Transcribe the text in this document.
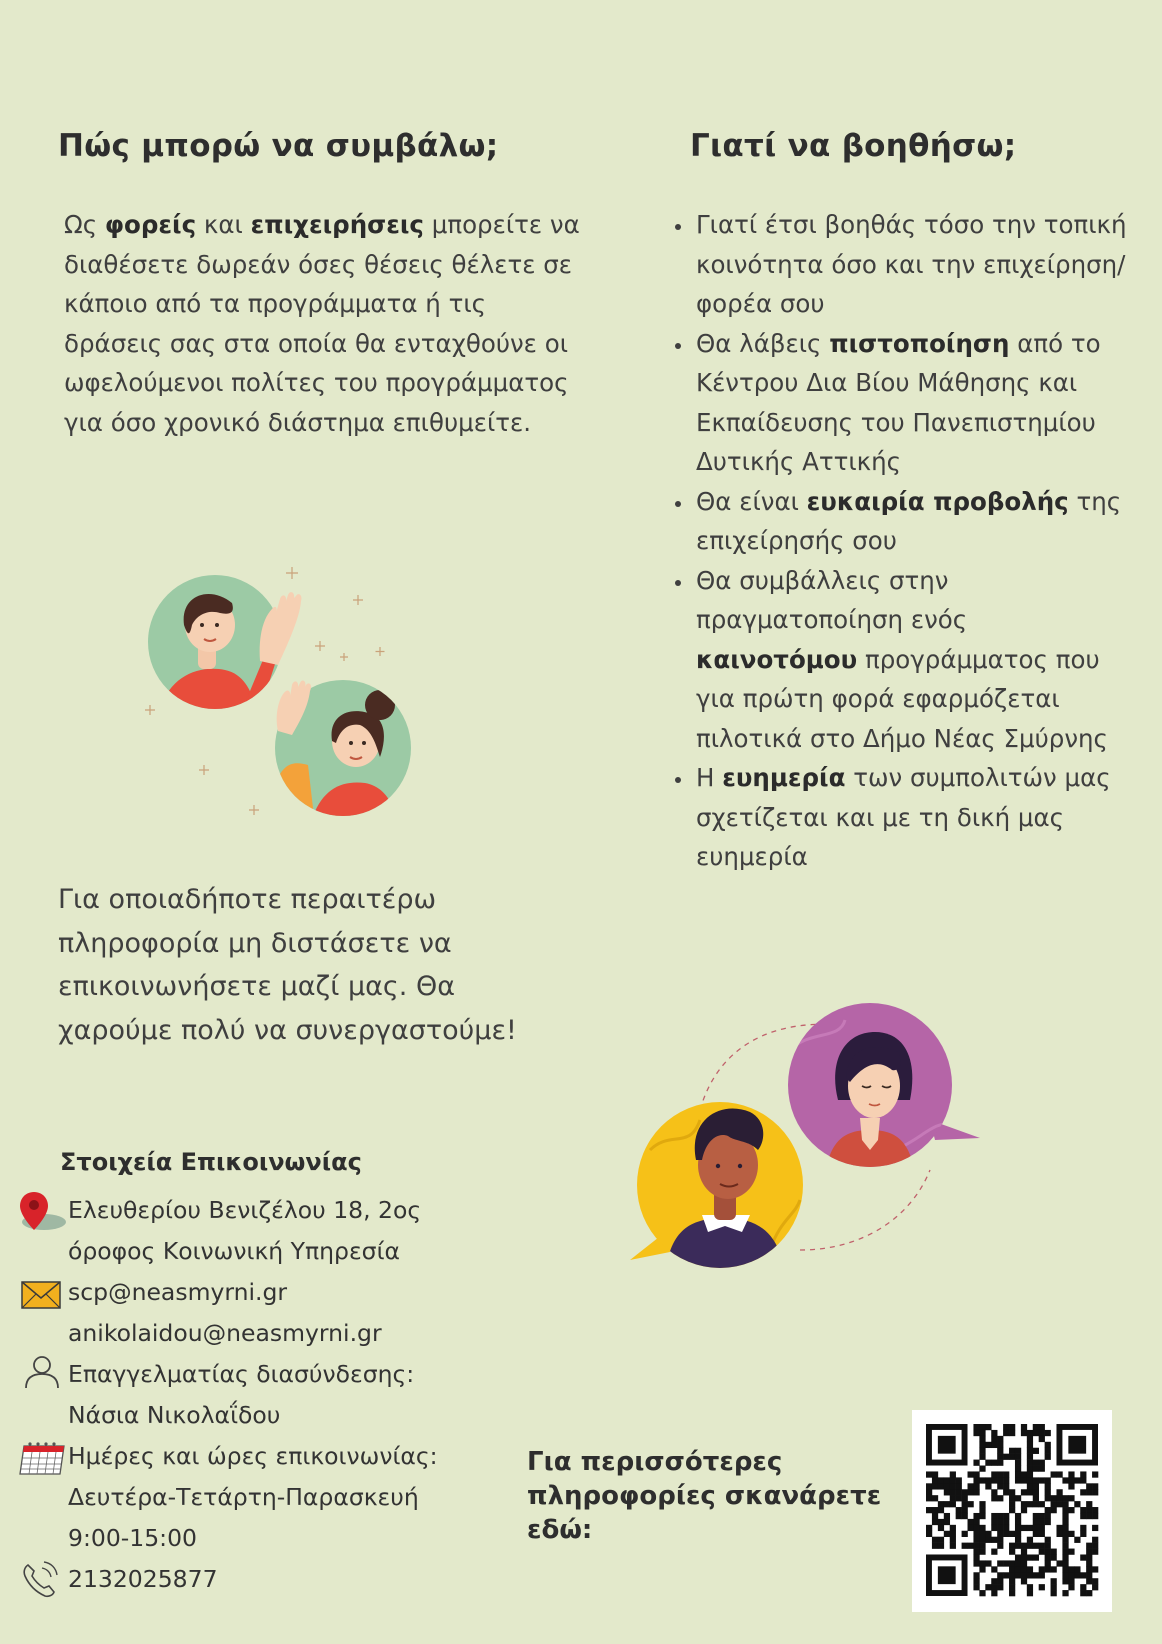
Πώς μπορώ να συμβάλω;
Ως φορείς και επιχειρήσεις μπορείτε να διαθέσετε δωρεάν όσες θέσεις θέλετε σε κάποιο από τα προγράμματα ή τις δράσεις σας στα οποία θα ενταχθούνε οι ωφελούμενοι πολίτες του προγράμματος για όσο χρονικό διάστημα επιθυμείτε.
Για οποιαδήποτε περαιτέρω πληροφορία μη διστάσετε να επικοινωνήσετε μαζί μας. Θα χαρούμε πολύ να συνεργαστούμε!
Στοιχεία Επικοινωνίας
Ελευθερίου Βενιζέλου 18, 2ος
όροφος Κοινωνική Υπηρεσία
scp@neasmyrni.gr
anikolaidou@neasmyrni.gr
Επαγγελματίας διασύνδεσης:
Νάσια Νικολαΐδου
Ημέρες και ώρες επικοινωνίας:
Δευτέρα-Τετάρτη-Παρασκευή
9:00-15:00
2132025877
Γιατί να βοηθήσω;
• Γιατί έτσι βοηθάς τόσο την τοπική κοινότητα όσο και την επιχείρηση/φορέα σου
• Θα λάβεις πιστοποίηση από το Κέντρου Δια Βίου Μάθησης και Εκπαίδευσης του Πανεπιστημίου Δυτικής Αττικής
• Θα είναι ευκαιρία προβολής της επιχείρησής σου
• Θα συμβάλλεις στην πραγματοποίηση ενός καινοτόμου προγράμματος που για πρώτη φορά εφαρμόζεται πιλοτικά στο Δήμο Νέας Σμύρνης
• Η ευημερία των συμπολιτών μας σχετίζεται και με τη δική μας ευημερία
Για περισσότερες πληροφορίες σκανάρετε εδώ:
